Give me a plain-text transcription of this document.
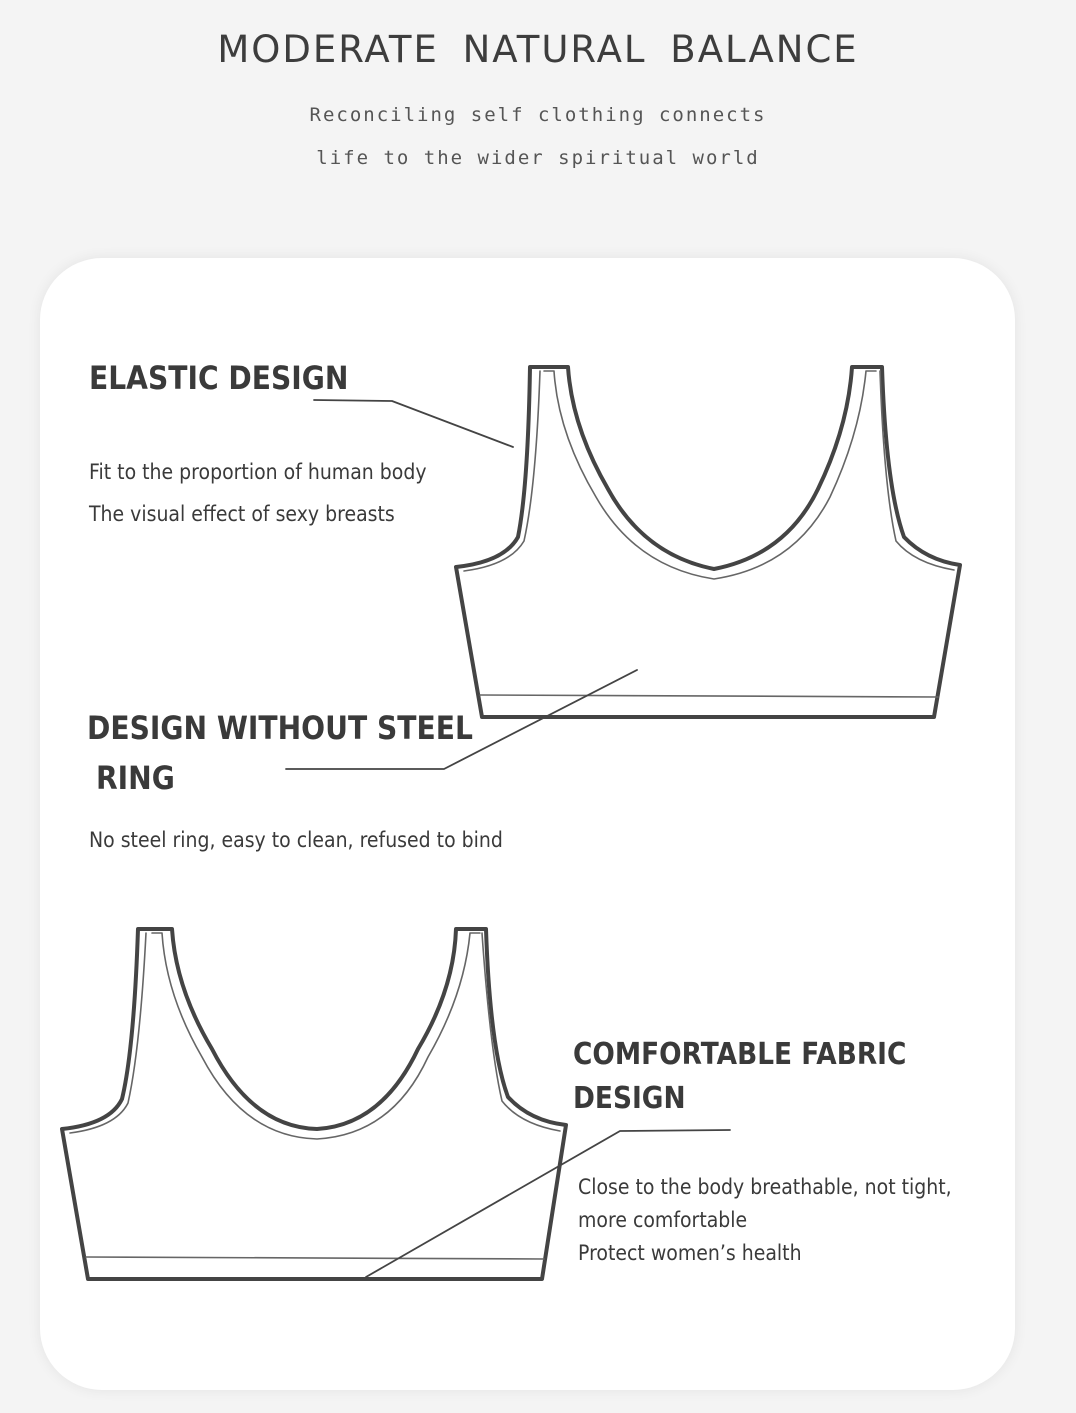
MODERATE NATURAL BALANCE
Reconciling self clothing connects
life to the wider spiritual world
ELASTIC DESIGN
Fit to the proportion of human body
The visual effect of sexy breasts
DESIGN WITHOUT STEEL
RING
No steel ring, easy to clean, refused to bind
COMFORTABLE FABRIC
DESIGN
Close to the body breathable, not tight,
more comfortable
Protect women’s health
